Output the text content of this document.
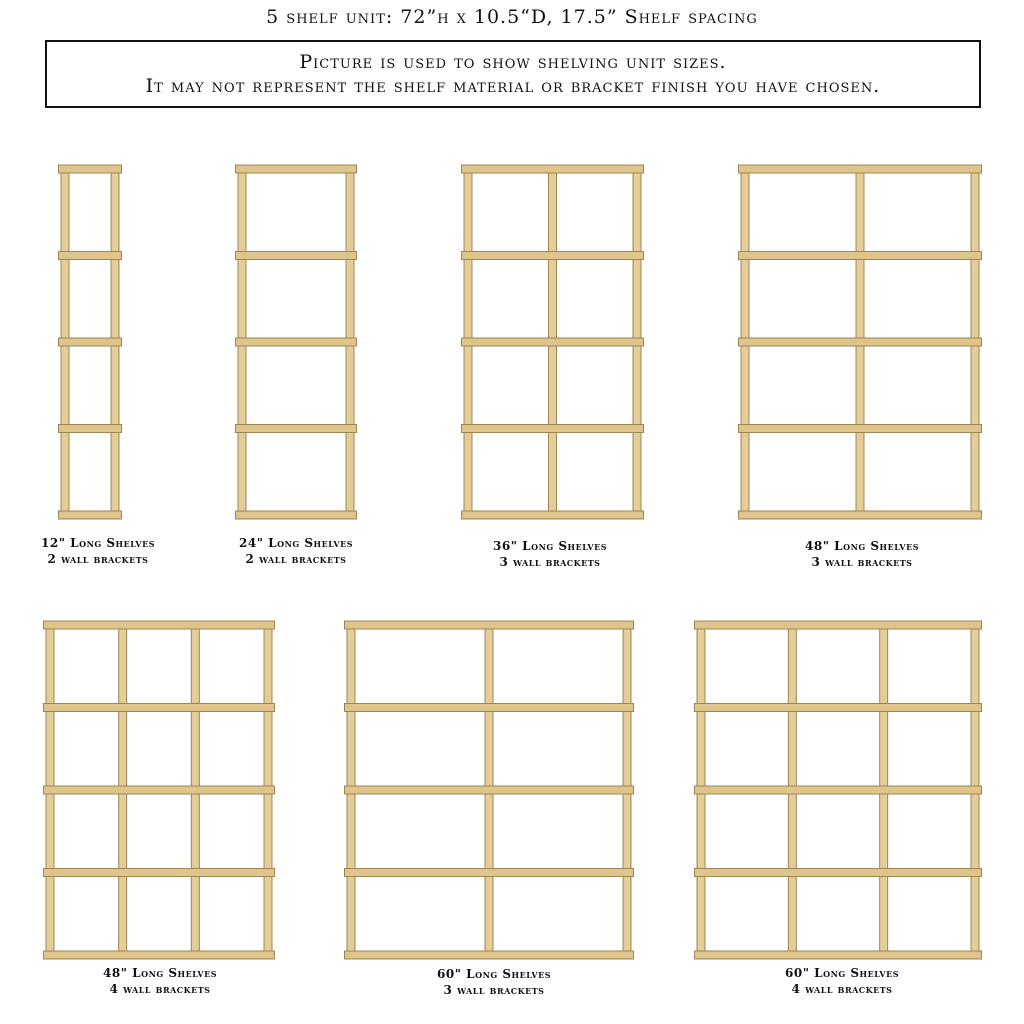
5 shelf unit: 72”h x 10.5“D, 17.5” Shelf spacing
Picture is used to show shelving unit sizes.
It may not represent the shelf material or bracket finish you have chosen.
12" Long Shelves
2 wall brackets
24" Long Shelves
2 wall brackets
36" Long Shelves
3 wall brackets
48" Long Shelves
3 wall brackets
48" Long Shelves
4 wall brackets
60" Long Shelves
3 wall brackets
60" Long Shelves
4 wall brackets
